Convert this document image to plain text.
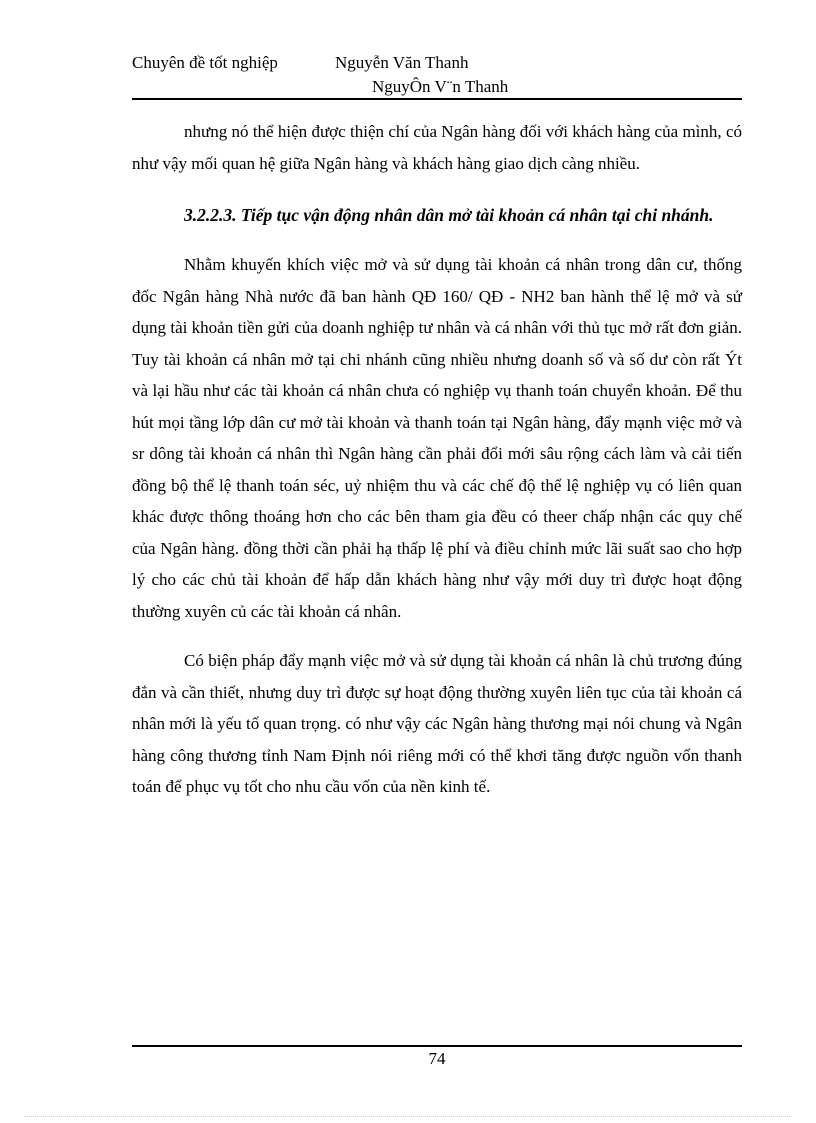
Chuyên đề tốt nghiệp	Nguyễn Văn Thanh
NguyÔn V¨n Thanh

nhưng nó thể hiện được thiện chí của Ngân hàng đối với khách hàng của mình, có như vậy mối quan hệ giữa Ngân hàng và khách hàng giao dịch càng nhiều.

3.2.2.3. Tiếp tục vận động nhân dân mở tài khoản cá nhân tại chi nhánh.

Nhằm khuyến khích việc mở và sử dụng tài khoản cá nhân trong dân cư, thống đốc Ngân hàng Nhà nước đã ban hành QĐ 160/ QĐ - NH2 ban hành thể lệ mở và sử dụng tài khoản tiền gửi của doanh nghiệp tư nhân và cá nhân với thủ tục mở rất đơn giản. Tuy tài khoản cá nhân mở tại chi nhánh cũng nhiều nhưng doanh số và số dư còn rất Ýt và lại hầu như các tài khoản cá nhân chưa có nghiệp vụ thanh toán chuyển khoản. Để thu hút mọi tầng lớp dân cư mở tài khoản và thanh toán tại Ngân hàng, đẩy mạnh việc mở và sr dông tài khoản cá nhân thì Ngân hàng cần phải đổi mới sâu rộng cách làm và cải tiến đồng bộ thể lệ thanh toán séc, uỷ nhiệm thu và các chế độ thể lệ nghiệp vụ có liên quan khác được thông thoáng hơn cho các bên tham gia đều có theer chấp nhận các quy chế của Ngân hàng. đồng thời cần phải hạ thấp lệ phí và điều chỉnh mức lãi suất sao cho hợp lý cho các chủ tài khoản để hấp dẫn khách hàng như vậy mới duy trì được hoạt động thường xuyên củ các tài khoản cá nhân.

Có biện pháp đẩy mạnh việc mở và sử dụng tài khoản cá nhân là chủ trương đúng đắn và cần thiết, nhưng duy trì được sự hoạt động thường xuyên liên tục của tài khoản cá nhân mới là yếu tố quan trọng. có như vậy các Ngân hàng thương mại nói chung và Ngân hàng công thương tỉnh Nam Định nói riêng mới có thể khơi tăng được nguồn vốn thanh toán để phục vụ tốt cho nhu cầu vốn của nền kinh tế.

74
